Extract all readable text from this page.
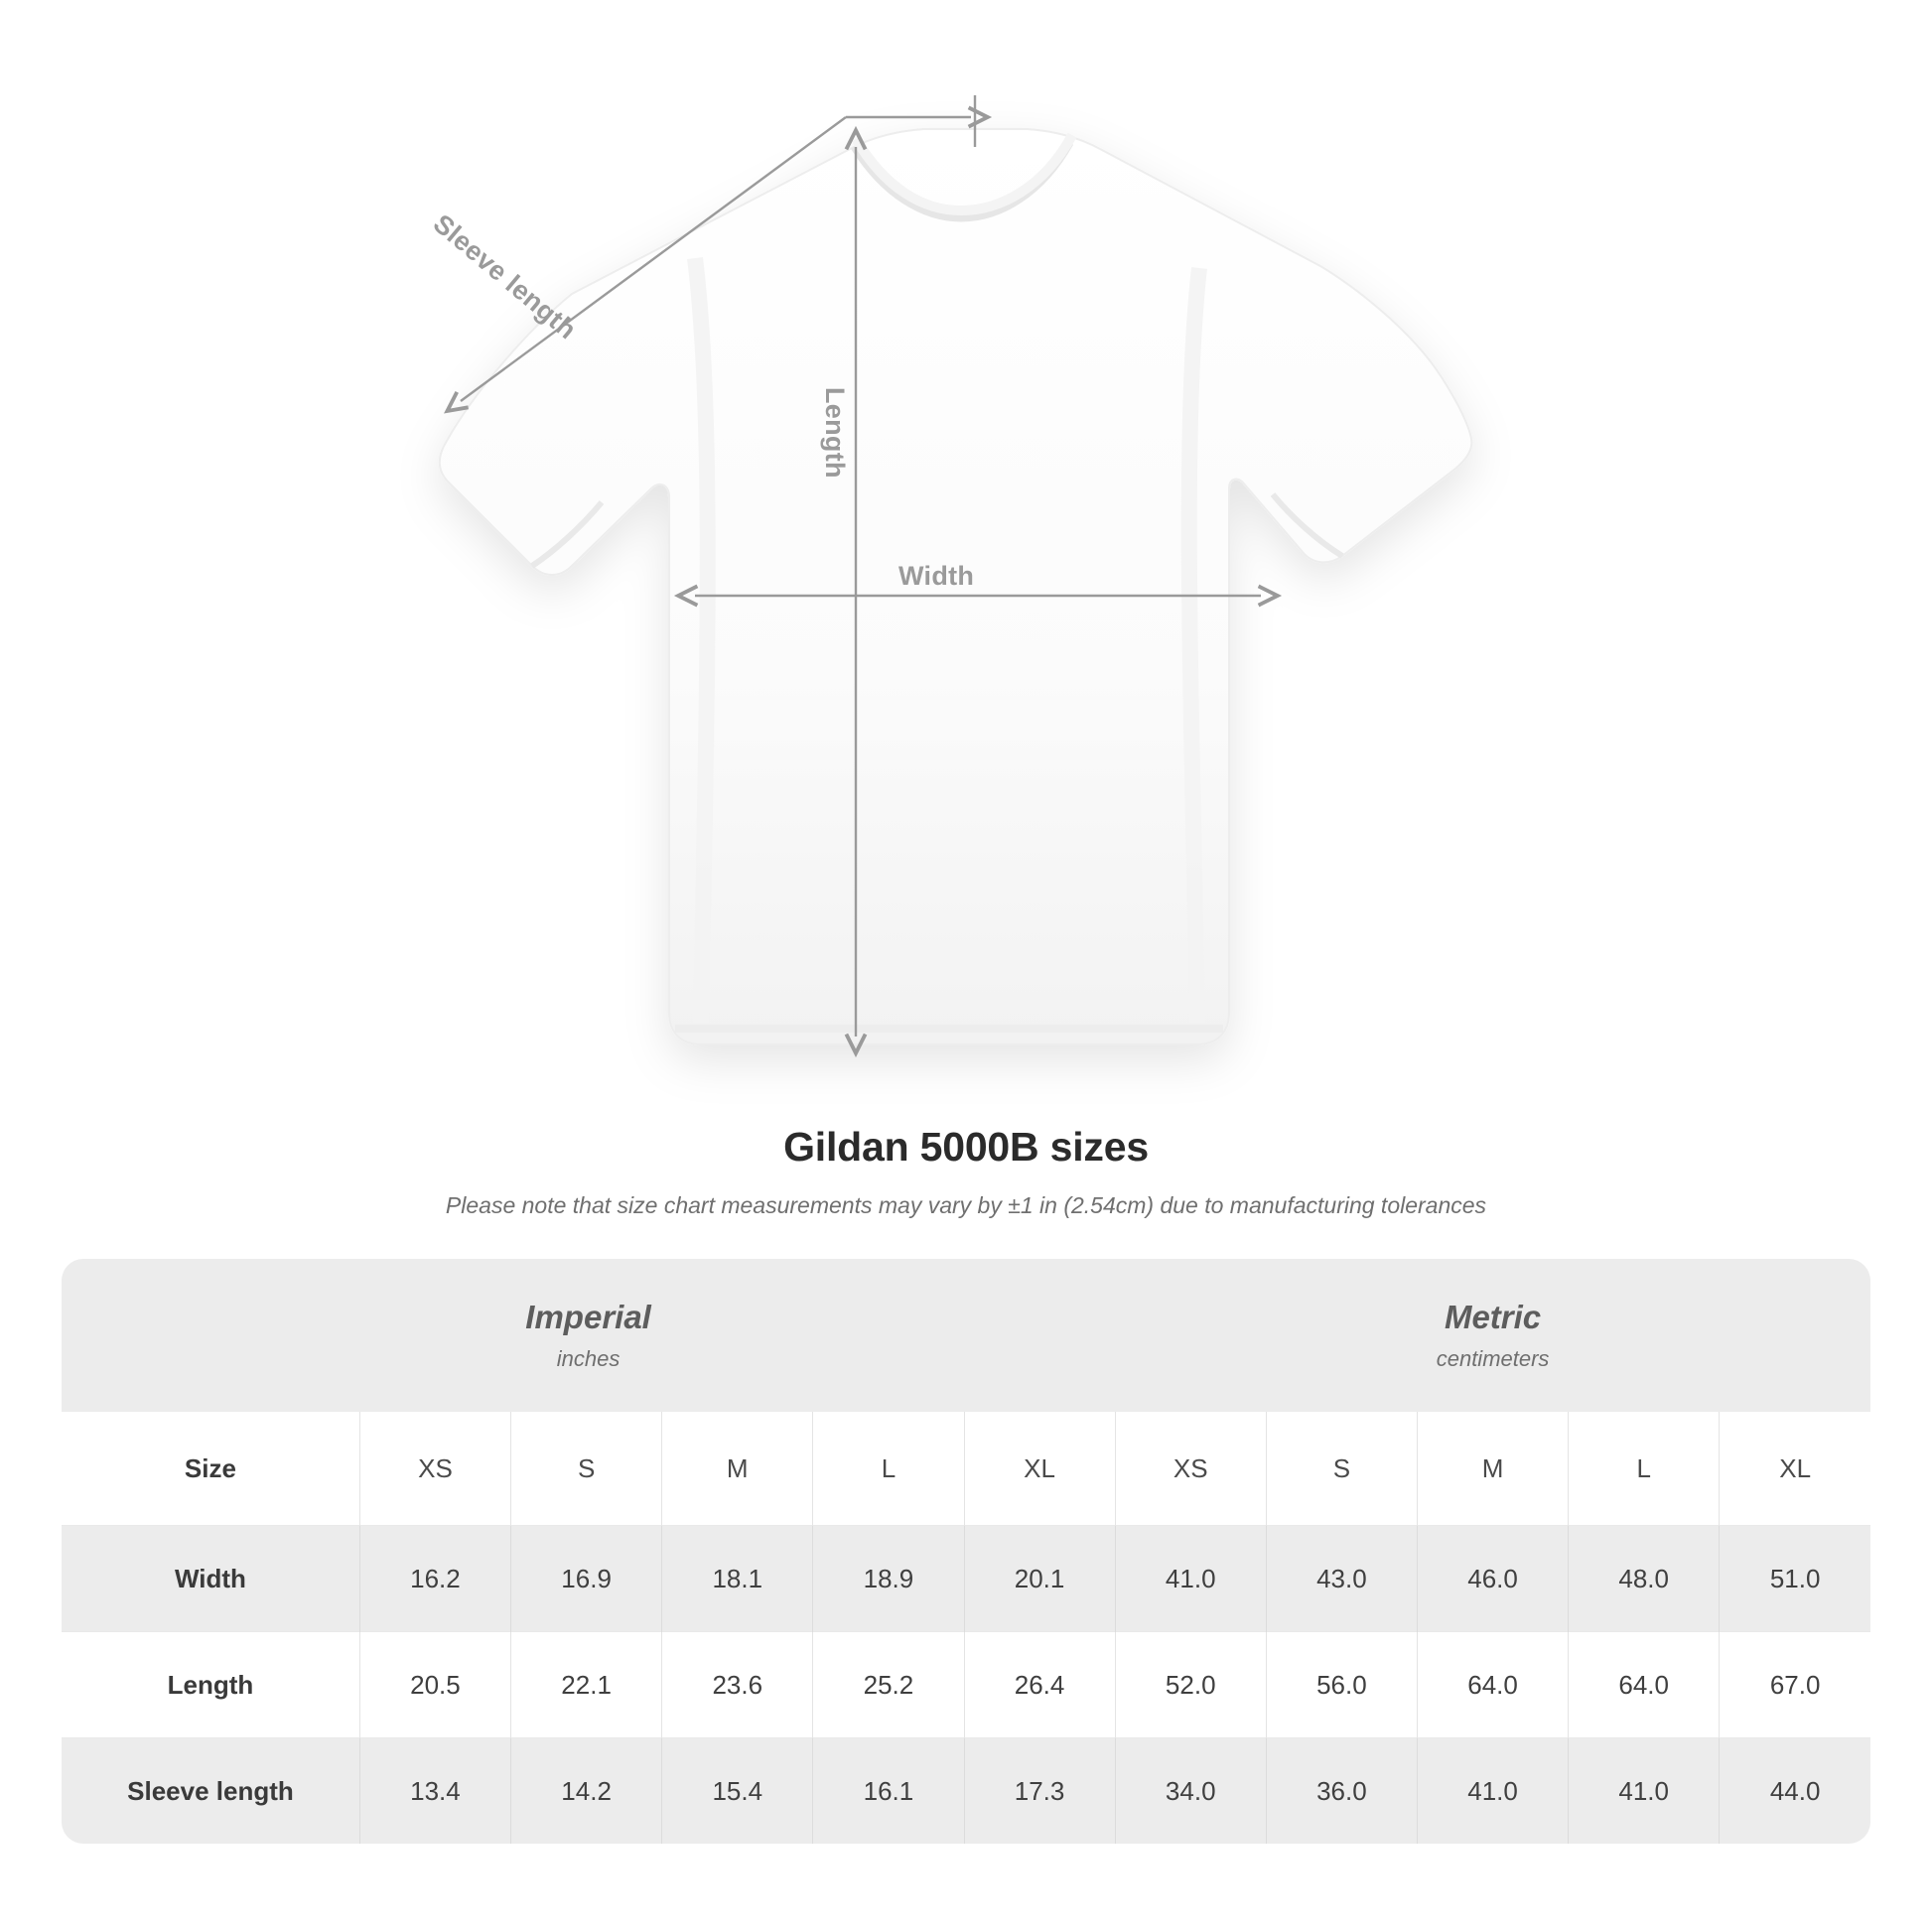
Width
Length
Sleeve length
Gildan 5000B sizes
Please note that size chart measurements may vary by ±1 in (2.54cm) due to manufacturing tolerances
Imperial
inches

Metric
centimeters

Size	XS	S	M	L	XL	XS	S	M	L	XL
Width	16.2	16.9	18.1	18.9	20.1	41.0	43.0	46.0	48.0	51.0
Length	20.5	22.1	23.6	25.2	26.4	52.0	56.0	64.0	64.0	67.0
Sleeve length	13.4	14.2	15.4	16.1	17.3	34.0	36.0	41.0	41.0	44.0
